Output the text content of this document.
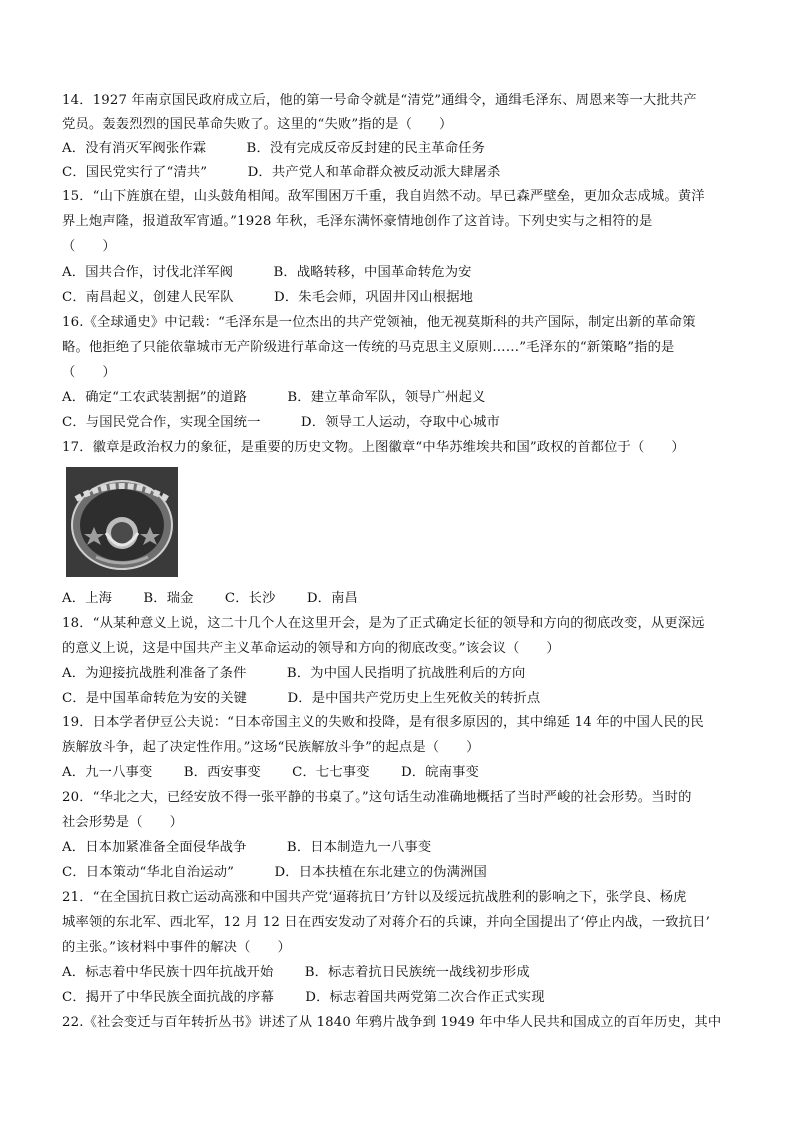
14．1927 年南京国民政府成立后，他的第一号命令就是“清党”通缉令，通缉毛泽东、周恩来等一大批共产
党员。轰轰烈烈的国民革命失败了。这里的“失败”指的是（　　）
A．没有消灭军阀张作霖　　　B．没有完成反帝反封建的民主革命任务
C．国民党实行了“清共”　　　D．共产党人和革命群众被反动派大肆屠杀
15．“山下旌旗在望，山头鼓角相闻。敌军围困万千重，我自岿然不动。早已森严壁垒，更加众志成城。黄洋
界上炮声隆，报道敌军宵遁。”1928 年秋，毛泽东满怀豪情地创作了这首诗。下列史实与之相符的是
（　　）
A．国共合作，讨伐北洋军阀　　　B．战略转移，中国革命转危为安
C．南昌起义，创建人民军队　　　D．朱毛会师，巩固井冈山根据地
16.《全球通史》中记载：“毛泽东是一位杰出的共产党领袖，他无视莫斯科的共产国际，制定出新的革命策
略。他拒绝了只能依靠城市无产阶级进行革命这一传统的马克思主义原则……”毛泽东的“新策略”指的是
（　　）
A．确定“工农武装割据”的道路　　　B．建立革命军队，领导广州起义
C．与国民党合作，实现全国统一　　　D．领导工人运动，夺取中心城市
17．徽章是政治权力的象征，是重要的历史文物。上图徽章“中华苏维埃共和国”政权的首都位于（　　）
A．上海　　 B．瑞金　　 C．长沙　　 D．南昌
18．“从某种意义上说，这二十几个人在这里开会，是为了正式确定长征的领导和方向的彻底改变，从更深远
的意义上说，这是中国共产主义革命运动的领导和方向的彻底改变。”该会议（　　）
A．为迎接抗战胜利准备了条件　　　B．为中国人民指明了抗战胜利后的方向
C．是中国革命转危为安的关键　　　D．是中国共产党历史上生死攸关的转折点
19．日本学者伊豆公夫说：“日本帝国主义的失败和投降，是有很多原因的，其中绵延 14 年的中国人民的民
族解放斗争，起了决定性作用。”这场“民族解放斗争”的起点是（　　）
A．九一八事变　　 B．西安事变　　 C．七七事变　　 D．皖南事变
20．“华北之大，已经安放不得一张平静的书桌了。”这句话生动准确地概括了当时严峻的社会形势。当时的
社会形势是（　　）
A．日本加紧准备全面侵华战争　　　B．日本制造九一八事变
C．日本策动“华北自治运动”　　　D．日本扶植在东北建立的伪满洲国
21．“在全国抗日救亡运动高涨和中国共产党‘逼蒋抗日’方针以及绥远抗战胜利的影响之下，张学良、杨虎
城率领的东北军、西北军，12 月 12 日在西安发动了对蒋介石的兵谏，并向全国提出了‘停止内战，一致抗日’
的主张。”该材料中事件的解决（　　）
A．标志着中华民族十四年抗战开始　　 B．标志着抗日民族统一战线初步形成
C．揭开了中华民族全面抗战的序幕　　 D．标志着国共两党第二次合作正式实现
22.《社会变迁与百年转折丛书》讲述了从 1840 年鸦片战争到 1949 年中华人民共和国成立的百年历史，其中
